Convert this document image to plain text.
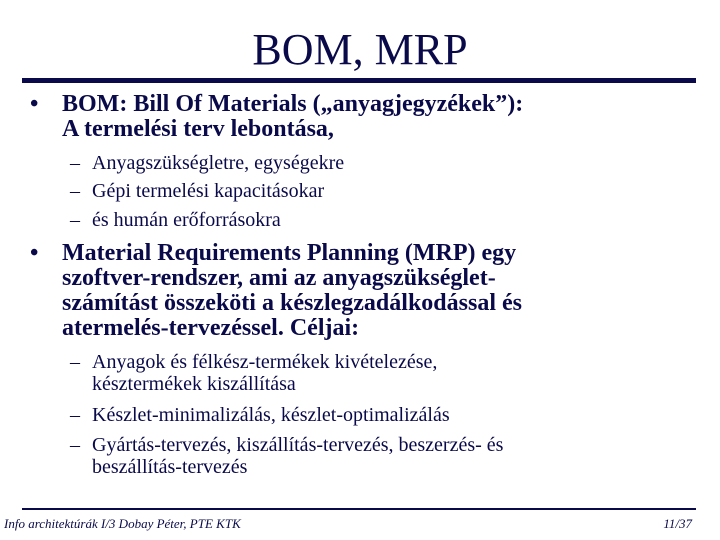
BOM, MRP
• BOM: Bill Of Materials („anyagjegyzékek”):
A termelési terv lebontása,
– Anyagszükségletre, egységekre
– Gépi termelési kapacitásokar
– és humán erőforrásokra
• Material Requirements Planning (MRP) egy
szoftver-rendszer, ami az anyagszükséglet-
számítást összeköti a készlegzadálkodással és
atermelés-tervezéssel. Céljai:
– Anyagok és félkész-termékek kivételezése,
késztermékek kiszállítása
– Készlet-minimalizálás, készlet-optimalizálás
– Gyártás-tervezés, kiszállítás-tervezés, beszerzés- és
beszállítás-tervezés
Info architektúrák I/3 Dobay Péter, PTE KTK	11/37
